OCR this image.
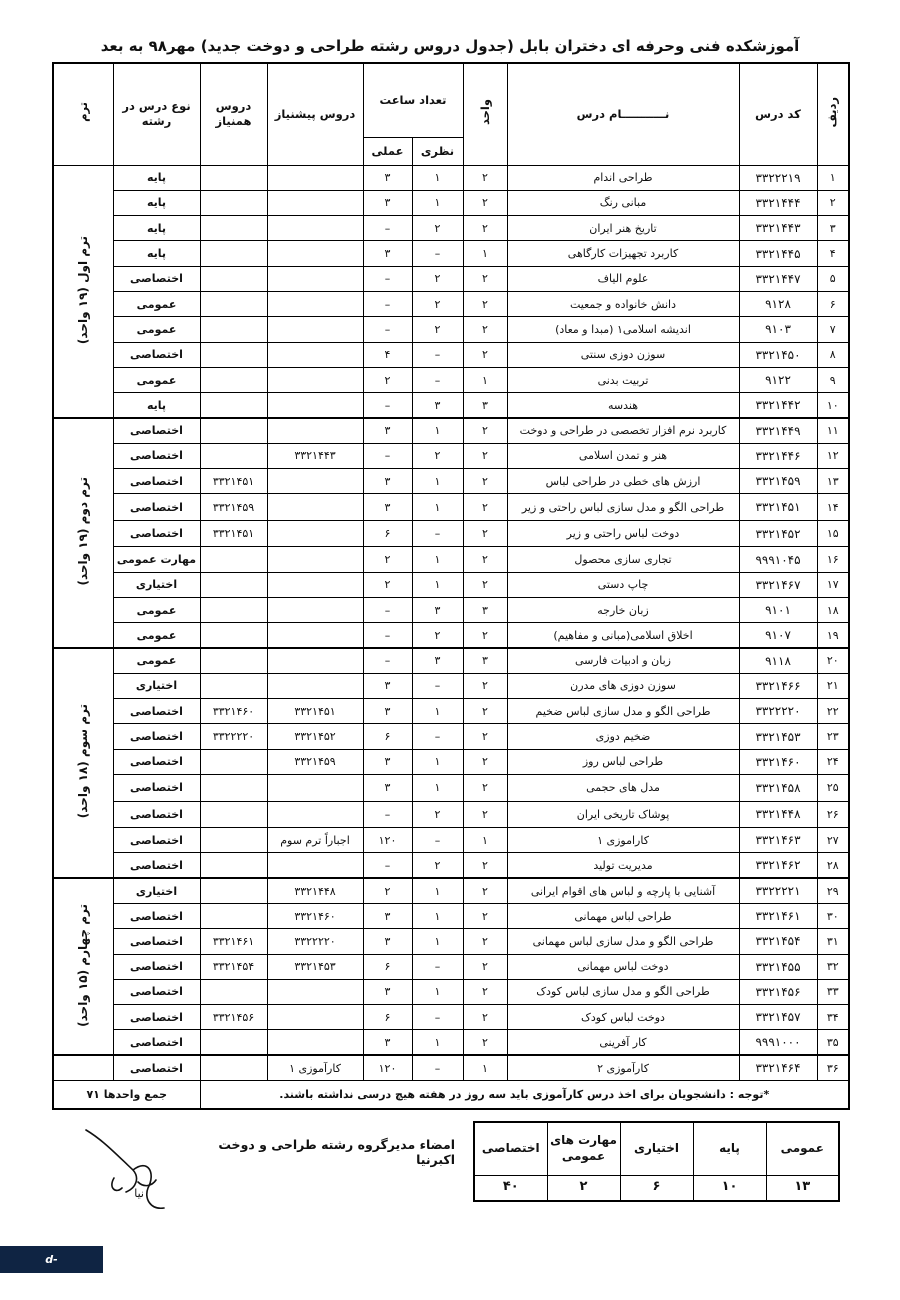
آموزشکده فنی وحرفه ای دختران بابل (جدول دروس رشته طراحی و دوخت جدید) مهر۹۸ به بعد
ردیف	کد درس	نـــــــــــام درس	واحد	تعداد ساعت		دروس پیشنیاز	دروس همنیاز	نوع درس در رشته	ترم
				نظری	عملی				
۱	۳۳۲۲۲۱۹	طراحی اندام	۲	۱	۳			پایه	ترم اول (۱۹ واحد)
۲	۳۳۲۱۴۴۴	مبانی رنگ	۲	۱	۳			پایه	
۳	۳۳۲۱۴۴۳	تاریخ هنر ایران	۲	۲	–			پایه	
۴	۳۳۲۱۴۴۵	کاربرد تجهیزات کارگاهی	۱	–	۳			پایه	
۵	۳۳۲۱۴۴۷	علوم الیاف	۲	۲	–			اختصاصی	
۶	۹۱۲۸	دانش خانواده و جمعیت	۲	۲	–			عمومی	
۷	۹۱۰۳	اندیشه اسلامی۱ (مبدا و معاد)	۲	۲	–			عمومی	
۸	۳۳۲۱۴۵۰	سوزن دوزی سنتی	۲	–	۴			اختصاصی	
۹	۹۱۲۲	تربیت بدنی	۱	–	۲			عمومی	
۱۰	۳۳۲۱۴۴۲	هندسه	۳	۳	–			پایه	
۱۱	۳۳۲۱۴۴۹	کاربرد نرم افزار تخصصی در طراحی و دوخت	۲	۱	۳			اختصاصی	ترم دوم (۱۹ واحد)
۱۲	۳۳۲۱۴۴۶	هنر و تمدن اسلامی	۲	۲	–	۳۳۲۱۴۴۳		اختصاصی	
۱۳	۳۳۲۱۴۵۹	ارزش های خطی در طراحی لباس	۲	۱	۳		۳۳۲۱۴۵۱	اختصاصی	
۱۴	۳۳۲۱۴۵۱	طراحی الگو و مدل سازی لباس راحتی و زیر	۲	۱	۳		۳۳۲۱۴۵۹	اختصاصی	
۱۵	۳۳۲۱۴۵۲	دوخت لباس راحتی و زیر	۲	–	۶		۳۳۲۱۴۵۱	اختصاصی	
۱۶	۹۹۹۱۰۴۵	تجاری سازی محصول	۲	۱	۲			مهارت عمومی	
۱۷	۳۳۲۱۴۶۷	چاپ دستی	۲	۱	۲			اختیاری	
۱۸	۹۱۰۱	زبان خارجه	۳	۳	–			عمومی	
۱۹	۹۱۰۷	اخلاق اسلامی(مبانی و مفاهیم)	۲	۲	–			عمومی	
۲۰	۹۱۱۸	زبان و ادبیات فارسی	۳	۳	–			عمومی	ترم سوم (۱۸ واحد)
۲۱	۳۳۲۱۴۶۶	سوزن دوزی های مدرن	۲	–	۳			اختیاری	
۲۲	۳۳۲۲۲۲۰	طراحی الگو و مدل سازی لباس ضخیم	۲	۱	۳	۳۳۲۱۴۵۱	۳۳۲۱۴۶۰	اختصاصی	
۲۳	۳۳۲۱۴۵۳	ضخیم دوزی	۲	–	۶	۳۳۲۱۴۵۲	۳۳۲۲۲۲۰	اختصاصی	
۲۴	۳۳۲۱۴۶۰	طراحی لباس روز	۲	۱	۳	۳۳۲۱۴۵۹		اختصاصی	
۲۵	۳۳۲۱۴۵۸	مدل های حجمی	۲	۱	۳			اختصاصی	
۲۶	۳۳۲۱۴۴۸	پوشاک تاریخی ایران	۲	۲	–			اختصاصی	
۲۷	۳۳۲۱۴۶۳	کاراموزی ۱	۱	–	۱۲۰	اجباراً ترم سوم		اختصاصی	
۲۸	۳۳۲۱۴۶۲	مدیریت تولید	۲	۲	–			اختصاصی	
۲۹	۳۳۲۲۲۲۱	آشنایی با پارچه و لباس های اقوام ایرانی	۲	۱	۲	۳۳۲۱۴۴۸		اختیاری	ترم چهارم (۱۵ واحد)
۳۰	۳۳۲۱۴۶۱	طراحی لباس مهمانی	۲	۱	۳	۳۳۲۱۴۶۰		اختصاصی	
۳۱	۳۳۲۱۴۵۴	طراحی الگو و مدل سازی لباس مهمانی	۲	۱	۳	۳۳۲۲۲۲۰	۳۳۲۱۴۶۱	اختصاصی	
۳۲	۳۳۲۱۴۵۵	دوخت لباس مهمانی	۲	–	۶	۳۳۲۱۴۵۳	۳۳۲۱۴۵۴	اختصاصی	
۳۳	۳۳۲۱۴۵۶	طراحی الگو و مدل سازی لباس کودک	۲	۱	۳			اختصاصی	
۳۴	۳۳۲۱۴۵۷	دوخت لباس کودک	۲	–	۶		۳۳۲۱۴۵۶	اختصاصی	
۳۵	۹۹۹۱۰۰۰	کار آفرینی	۲	۱	۳			اختصاصی	
۳۶	۳۳۲۱۴۶۴	کارآموزی ۲	۱	–	۱۲۰	کارآموزی ۱		اختصاصی	
*توجه : دانشجویان برای اخذ درس کارآموزی باید سه روز در هفته هیچ درسی نداشته باشند.								جمع واحدها ۷۱	
امضاء مدیرگروه رشته طراحی و دوخت اکبرنیا
نیا
عمومی	پایه	اختیاری	مهارت های عمومی	اختصاصی
۱۳	۱۰	۶	۲	۴۰
d-babol.nus.ac.ir
